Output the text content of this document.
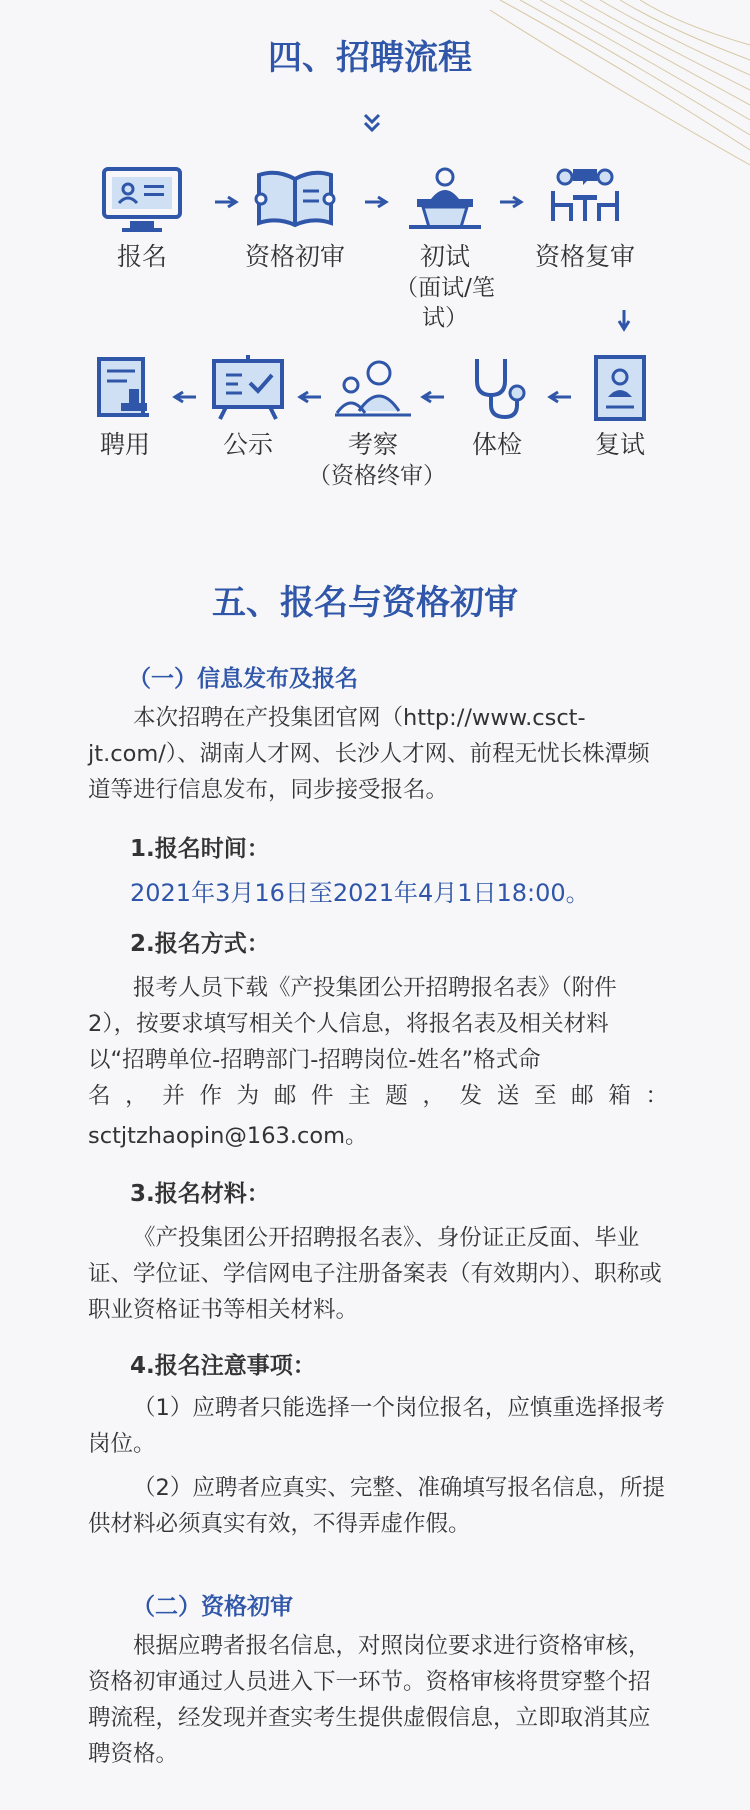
四、招聘流程
报名	资格初审	初试
（面试/笔试）
资格复审
复试
体检
考察
（资格终审）
公示
聘用
五、报名与资格初审
（一）信息发布及报名
本次招聘在产投集团官网（http://www.csct-jt.com/）、湖南人才网、长沙人才网、前程无忧长株潭频道等进行信息发布，同步接受报名。
1.报名时间：
2021年3月16日至2021年4月1日18:00。
2.报名方式：
报考人员下载《产投集团公开招聘报名表》（附件
2），按要求填写相关个人信息，将报名表及相关材料
以“招聘单位-招聘部门-招聘岗位-姓名”格式命
名，并作为邮件主题，发送至邮箱：
sctjtzhaopin@163.com。
3.报名材料：
《产投集团公开招聘报名表》、身份证正反面、毕业证、学位证、学信网电子注册备案表（有效期内）、职称或职业资格证书等相关材料。
4.报名注意事项：
（1）应聘者只能选择一个岗位报名，应慎重选择报考岗位。
（2）应聘者应真实、完整、准确填写报名信息，所提供材料必须真实有效，不得弄虚作假。
（二）资格初审
根据应聘者报名信息，对照岗位要求进行资格审核，资格初审通过人员进入下一环节。资格审核将贯穿整个招聘流程，经发现并查实考生提供虚假信息，立即取消其应聘资格。
